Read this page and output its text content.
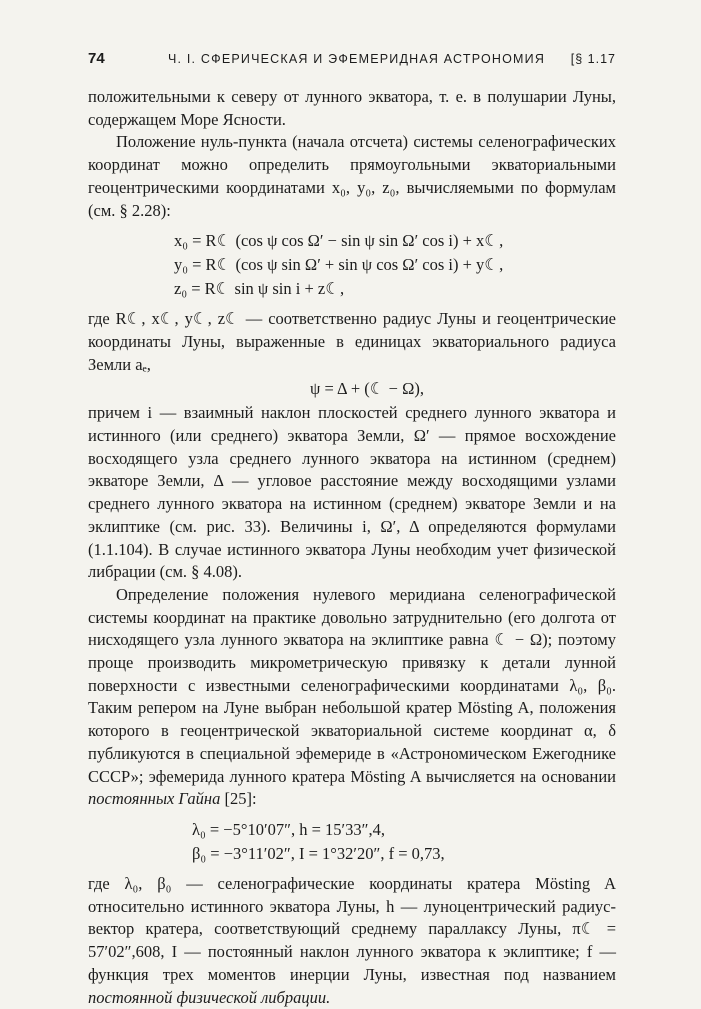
74	Ч. I. СФЕРИЧЕСКАЯ И ЭФЕМЕРИДНАЯ АСТРОНОМИЯ [§ 1.17

положительными к северу от лунного экватора, т. е. в полушарии Луны, содержащем Море Ясности.

Положение нуль-пункта (начала отсчета) системы селенографических координат можно определить прямоугольными экваториальными геоцентрическими координатами x₀, y₀, z₀, вычисляемыми по формулам (см. § 2.28):

x₀ = R☾ (cos ψ cos Ω′ − sin ψ sin Ω′ cos i) + x☾,
y₀ = R☾ (cos ψ sin Ω′ + sin ψ cos Ω′ cos i) + y☾,
z₀ = R☾ sin ψ sin i + z☾,

где R☾, x☾, y☾, z☾ — соответственно радиус Луны и геоцентрические координаты Луны, выраженные в единицах экваториального радиуса Земли aₑ,

ψ = Δ + (☾ − Ω),

причем i — взаимный наклон плоскостей среднего лунного экватора и истинного (или среднего) экватора Земли, Ω′ — прямое восхождение восходящего узла среднего лунного экватора на истинном (среднем) экваторе Земли, Δ — угловое расстояние между восходящими узлами среднего лунного экватора на истинном (среднем) экваторе Земли и на эклиптике (см. рис. 33). Величины i, Ω′, Δ определяются формулами (1.1.104). В случае истинного экватора Луны необходим учет физической либрации (см. § 4.08).

Определение положения нулевого меридиана селенографической системы координат на практике довольно затруднительно (его долгота от нисходящего узла лунного экватора на эклиптике равна ☾ − Ω); поэтому проще производить микрометрическую привязку к детали лунной поверхности с известными селенографическими координатами λ₀, β₀. Таким репером на Луне выбран небольшой кратер Mösting A, положения которого в геоцентрической экваториальной системе координат α, δ публикуются в специальной эфемериде в «Астрономическом Ежегоднике СССР»; эфемерида лунного кратера Mösting A вычисляется на основании постоянных Гайна [25]:

λ₀ = −5°10′07″, h = 15′33″,4,
β₀ = −3°11′02″, I = 1°32′20″, f = 0,73,

где λ₀, β₀ — селенографические координаты кратера Mösting A относительно истинного экватора Луны, h — луноцентрический радиус-вектор кратера, соответствующий среднему параллаксу Луны, π☾ = 57′02″,608, I — постоянный наклон лунного экватора к эклиптике; f — функция трех моментов инерции Луны, известная под названием постоянной физической либрации.
